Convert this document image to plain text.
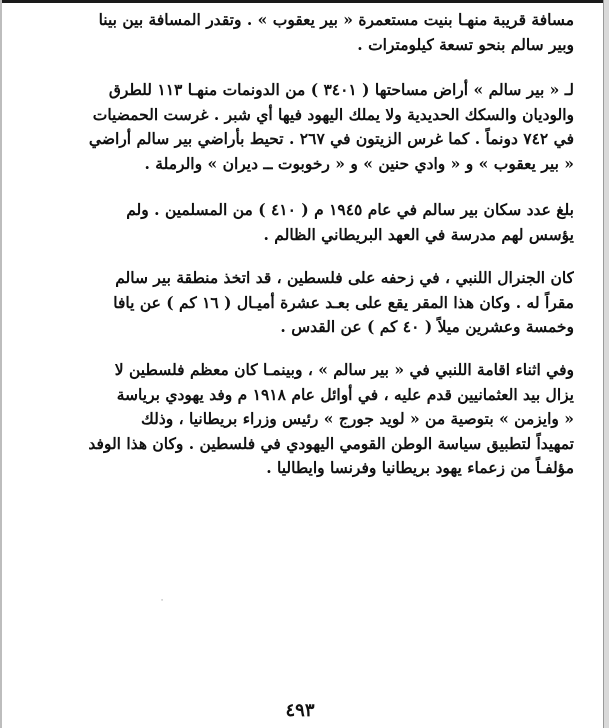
مسافة قريبة منهـا بنيت مستعمرة « بير يعقوب » . وتقدر المسافة بين بينا
وبير سالم بنحو تسعة كيلومترات .
لـ « بير سالم » أراض مساحتها ( ٣٤٠١ ) من الدونمات منهـا ١١٣ للطرق
والوديان والسكك الحديدية ولا يملك اليهود فيها أي شبر . غرست الحمضيات
في ٧٤٢ دونماً . كما غرس الزيتون في ٢٦٧ . تحيط بأراضي بير سالم أراضي
« بير يعقوب » و « وادي حنين » و « رخوبوت ــ ديران » والرملة .
بلغ عدد سكان بير سالم في عام ١٩٤٥ م ( ٤١٠ ) من المسلمين . ولم
يؤسس لهم مدرسة في العهد البريطاني الظالم .
كان الجنرال اللنبي ، في زحفه على فلسطين ، قد اتخذ منطقة بير سالم
مقراً له . وكان هذا المقر يقع على بعـد عشرة أميـال ( ١٦ كم ) عن يافا
وخمسة وعشرين ميلاً ( ٤٠ كم ) عن القدس .
وفي اثناء اقامة اللنبي في « بير سالم » ، وبينمـا كان معظم فلسطين لا
يزال بيد العثمانيين قدم عليه ، في أوائل عام ١٩١٨ م وفد يهودي برياسة
« وايزمن » بتوصية من « لويد جورج » رئيس وزراء بريطانيا ، وذلك
تمهيداً لتطبيق سياسة الوطن القومي اليهودي في فلسطين . وكان هذا الوفد
مؤلفـاً من زعماء يهود بريطانيا وفرنسا وايطاليا .
·
٤٩٣
